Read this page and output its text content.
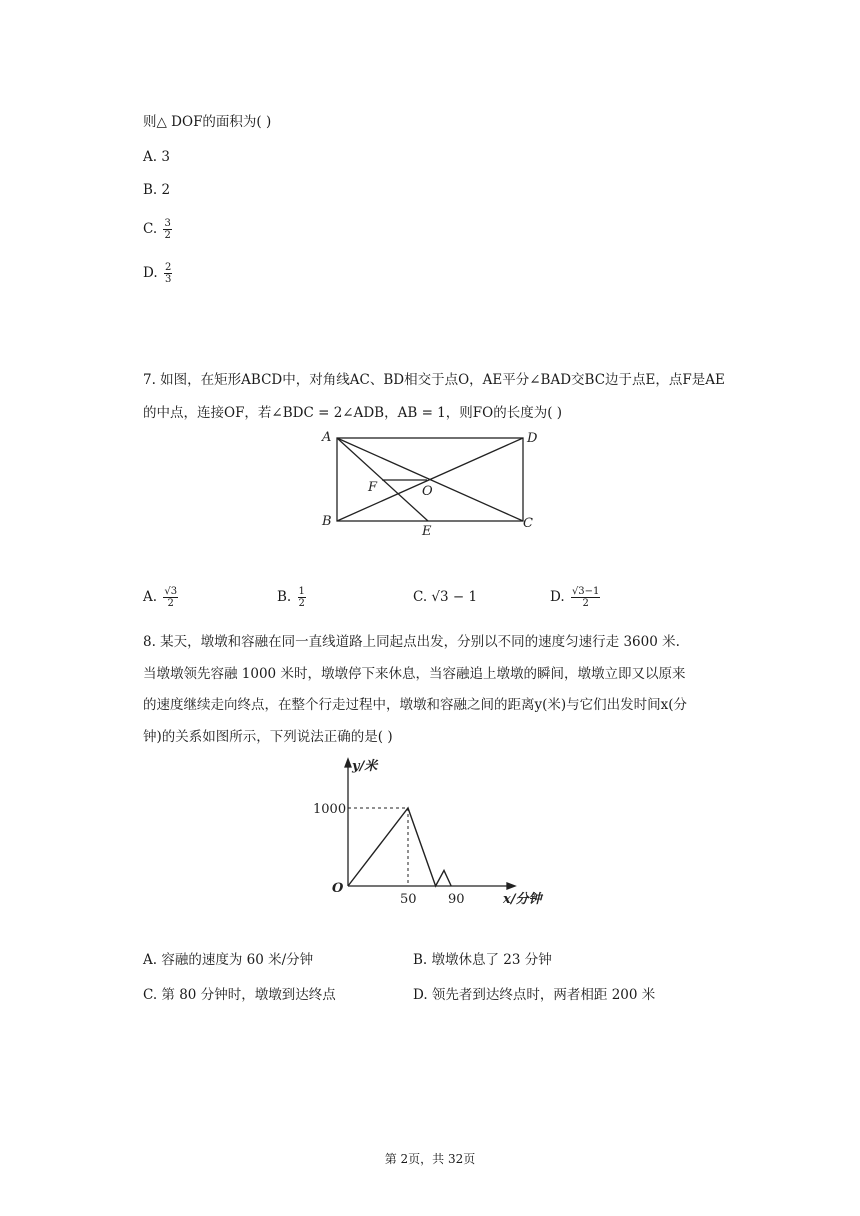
则△ DOF的面积为( )
A. 3
B. 2
C. $\frac{3}{2}$
D. $\frac{2}{3}$
7. 如图，在矩形ABCD中，对角线AC、BD相交于点O，AE平分∠BAD交BC边于点E，点F是AE
的中点，连接OF，若∠BDC = 2∠ADB，AB = 1，则FO的长度为( )
A	D
F	O
B
E
C
A. $\frac{√3}{2}$	B. $\frac{1}{2}$	C. √3 − 1	D. $\frac{√3-1}{2}$
8. 某天，墩墩和容融在同一直线道路上同起点出发，分别以不同的速度匀速行走 3600 米.
当墩墩领先容融 1000 米时，墩墩停下来休息，当容融追上墩墩的瞬间，墩墩立即又以原来
的速度继续走向终点，在整个行走过程中，墩墩和容融之间的距离y(米)与它们出发时间x(分
钟)的关系如图所示，下列说法正确的是( )
y/米
x/分钟
O
1000
50 90
A. 容融的速度为 60 米/分钟	B. 墩墩休息了 23 分钟
C. 第 80 分钟时，墩墩到达终点	D. 领先者到达终点时，两者相距 200 米
第 2页，共 32页
